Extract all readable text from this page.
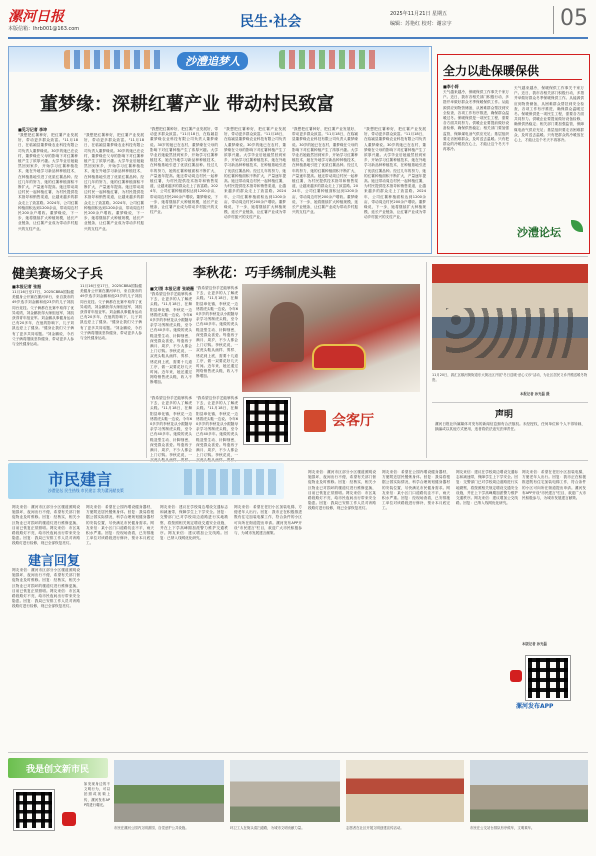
漯河日报
本版信箱：lhrb001@163.com	民生·社会	2025年11月21日 星期五
编辑：苏艳红 校对：谢宗宇	05
沙澧追梦人
董梦缘：深耕红薯产业 带动村民致富
■见习记者 李坤
"我想把红薯种好，把红薯产业发展好，带动更多群众致富。"11月18日，在临颍县董梦缘农业科技有限公司负责人董梦缘说。30岁的她已在农村，董梦缘在父母的影响下对红薯种植产生了浓厚兴趣。大学毕业后她毅然回到家乡，开始学习红薯种植技术，她在外地学习新品种种植技术，在种植基地引进了优质红薯品种。经过几年的努力，她的红薯种植面积不断扩大，产量逐年提高。她还带动周边村民一起种植红薯，为村民提供技术指导和销售渠道，让越来越多的群众走上了致富路。2024年，公司红薯种植面积达到1200余亩，带动周边村民200余户增收。董梦缘说，下一步，她将继续扩大种植规模，延长产业链条，让红薯产业成为带动乡村振兴的支柱产业。
"我想把红薯种好，把红薯产业发展好，带动更多群众致富。"11月18日，在临颍县董梦缘农业科技有限公司负责人董梦缘说。30岁的她已在农村，董梦缘在父母的影响下对红薯种植产生了浓厚兴趣。大学毕业后她毅然回到家乡，开始学习红薯种植技术，她在外地学习新品种种植技术，在种植基地引进了优质红薯品种。经过几年的努力，她的红薯种植面积不断扩大，产量逐年提高。她还带动周边村民一起种植红薯，为村民提供技术指导和销售渠道，让越来越多的群众走上了致富路。2024年，公司红薯种植面积达到1200余亩，带动周边村民200余户增收。董梦缘说，下一步，她将继续扩大种植规模，延长产业链条，让红薯产业成为带动乡村振兴的支柱产业。
"我想把红薯种好，把红薯产业发展好，带动更多群众致富。"11月18日，在临颍县董梦缘农业科技有限公司负责人董梦缘说。30岁的她已在农村，董梦缘在父母的影响下对红薯种植产生了浓厚兴趣。大学毕业后她毅然回到家乡，开始学习红薯种植技术，她在外地学习新品种种植技术，在种植基地引进了优质红薯品种。经过几年的努力，她的红薯种植面积不断扩大，产量逐年提高。她还带动周边村民一起种植红薯，为村民提供技术指导和销售渠道，让越来越多的群众走上了致富路。2024年，公司红薯种植面积达到1200余亩，带动周边村民200余户增收。董梦缘说，下一步，她将继续扩大种植规模，延长产业链条，让红薯产业成为带动乡村振兴的支柱产业。
"我想把红薯种好，把红薯产业发展好，带动更多群众致富。"11月18日，在临颍县董梦缘农业科技有限公司负责人董梦缘说。30岁的她已在农村，董梦缘在父母的影响下对红薯种植产生了浓厚兴趣。大学毕业后她毅然回到家乡，开始学习红薯种植技术，她在外地学习新品种种植技术，在种植基地引进了优质红薯品种。经过几年的努力，她的红薯种植面积不断扩大，产量逐年提高。她还带动周边村民一起种植红薯，为村民提供技术指导和销售渠道，让越来越多的群众走上了致富路。2024年，公司红薯种植面积达到1200余亩，带动周边村民200余户增收。董梦缘说，下一步，她将继续扩大种植规模，延长产业链条，让红薯产业成为带动乡村振兴的支柱产业。
"我想把红薯种好，把红薯产业发展好，带动更多群众致富。"11月18日，在临颍县董梦缘农业科技有限公司负责人董梦缘说。30岁的她已在农村，董梦缘在父母的影响下对红薯种植产生了浓厚兴趣。大学毕业后她毅然回到家乡，开始学习红薯种植技术，她在外地学习新品种种植技术，在种植基地引进了优质红薯品种。经过几年的努力，她的红薯种植面积不断扩大，产量逐年提高。她还带动周边村民一起种植红薯，为村民提供技术指导和销售渠道，让越来越多的群众走上了致富路。2024年，公司红薯种植面积达到1200余亩，带动周边村民200余户增收。董梦缘说，下一步，她将继续扩大种植规模，延长产业链条，让红薯产业成为带动乡村振兴的支柱产业。
"我想把红薯种好，把红薯产业发展好，带动更多群众致富。"11月18日，在临颍县董梦缘农业科技有限公司负责人董梦缘说。30岁的她已在农村，董梦缘在父母的影响下对红薯种植产生了浓厚兴趣。大学毕业后她毅然回到家乡，开始学习红薯种植技术，她在外地学习新品种种植技术，在种植基地引进了优质红薯品种。经过几年的努力，她的红薯种植面积不断扩大，产量逐年提高。她还带动周边村民一起种植红薯，为村民提供技术指导和销售渠道，让越来越多的群众走上了致富路。2024年，公司红薯种植面积达到1200余亩，带动周边村民200余户增收。董梦缘说，下一步，她将继续扩大种植规模，延长产业链条，让红薯产业成为带动乡村振兴的支柱产业。
全力以赴保暖保供
■李小将
天气越来越冷，保暖保供工作事关千家万户。近日，我市各相关部门积极行动，多措并举做好群众冬季保暖保供工作。从能源供应到物资储备，从困难群众帮扶到安全检查，各项工作有序推进，确保群众温暖过冬。保暖保供是一项民生工程，需要各方面共同努力。供暖企业要提前做好设备检修，确保供热稳定；相关部门要加强监管，保障煤电油气供应充足；基层组织要走访困难群众，及时送去温暖。只有把群众的冷暖放在心上，才能让这个冬天不再寒冷。
天气越来越冷，保暖保供工作事关千家万户。近日，我市各相关部门积极行动，多措并举做好群众冬季保暖保供工作。从能源供应到物资储备，从困难群众帮扶到安全检查，各项工作有序推进，确保群众温暖过冬。保暖保供是一项民生工程，需要各方面共同努力。供暖企业要提前做好设备检修，确保供热稳定；相关部门要加强监管，保障煤电油气供应充足；基层组织要走访困难群众，及时送去温暖。只有把群众的冷暖放在心上，才能让这个冬天不再寒冷。
沙澧论坛
健美赛场父子兵
■本报记者 张振
11月16日至17日，2025CBBA国际健美健身公开赛在漯河举行，来自我市的49岁选手刘金鹏和他23岁的儿子刘凯同台竞技。父子俩都在比赛中取得了优异成绩，刘金鹏获得大师组冠军，刘凯获得青年组亚军。刘金鹏从事健身运动已有20多年，在他的影响下，儿子刘凯也爱上了健身。"健身让我们父子俩有了更多共同话题。"刘金鹏说，今后父子俩将继续坚持健身，带动更多人参与全民健身运动。
11月16日至17日，2025CBBA国际健美健身公开赛在漯河举行，来自我市的49岁选手刘金鹏和他23岁的儿子刘凯同台竞技。父子俩都在比赛中取得了优异成绩，刘金鹏获得大师组冠军，刘凯获得青年组亚军。刘金鹏从事健身运动已有20多年，在他的影响下，儿子刘凯也爱上了健身。"健身让我们父子俩有了更多共同话题。"刘金鹏说，今后父子俩将继续坚持健身，带动更多人参与全民健身运动。
李秋花：巧手绣制虎头鞋
■文/图 本报记者 张晓薇
"我希望这份手艺能够传承下去，让更多的人了解虎头鞋。"11月18日，在舞阳县章化镇，李秋花一边绣着虎头鞋一边说。今年60多岁的李秋花从小跟随母亲学习绣制虎头鞋，至今已有40多年。她做的虎头鞋造型生动、针脚细密，深受群众喜爱。每逢孩子满月、周岁，不少人都会上门订购。李秋花说，一双虎头鞋从画样、剪样、绣花到上底，需要十几道工序，做一双要花好几天时间。近年来，她还通过网络销售虎头鞋，收入不断增加。
"我希望这份手艺能够传承下去，让更多的人了解虎头鞋。"11月18日，在舞阳县章化镇，李秋花一边绣着虎头鞋一边说。今年60多岁的李秋花从小跟随母亲学习绣制虎头鞋，至今已有40多年。她做的虎头鞋造型生动、针脚细密，深受群众喜爱。每逢孩子满月、周岁，不少人都会上门订购。李秋花说，一双虎头鞋从画样、剪样、绣花到上底，需要十几道工序，做一双要花好几天时间。近年来，她还通过网络销售虎头鞋，收入不断增加。
"我希望这份手艺能够传承下去，让更多的人了解虎头鞋。"11月18日，在舞阳县章化镇，李秋花一边绣着虎头鞋一边说。今年60多岁的李秋花从小跟随母亲学习绣制虎头鞋，至今已有40多年。她做的虎头鞋造型生动、针脚细密，深受群众喜爱。每逢孩子满月、周岁，不少人都会上门订购。李秋花说，一
"我希望这份手艺能够传承下去，让更多的人了解虎头鞋。"11月18日，在舞阳县章化镇，李秋花一边绣着虎头鞋一边说。今年60多岁的李秋花从小跟随母亲学习绣制虎头鞋，至今已有40多年。她做的虎头鞋造型生动、针脚细密，深受群众喜爱。每逢孩子满月、周岁，不少人都会上门订购。李秋花说，一
会客厅
11月20日，源汇区顺河街街道东大街社区开展"冬日送暖·爱心义诊"活动，为社区居民义诊并赠送暖冬物资。
本报记者 孙光磊 摄
声明
漯河日报社所属媒体对发布的新闻信息拥有合法版权。未经授权，任何单位和个人不得转载、摘编或以其他方式使用，违者将依法追究法律责任。
市民建言
沙澧论坛 民生热线 市民建言 我为漯河献良策
建言回复
网友来信：漯河市区部分小区楼道照明设施损坏，夜间出行不便，希望有关部门督促物业及时维修。回复：经核实，相关小区物业已对损坏的楼道灯进行维修更换，目前已恢复正常照明。网友来信：市区某路段路灯不亮，给市民夜间出行带来安全隐患。回复：我局已安排工作人员对该路段路灯进行检修，现已全部恢复亮灯。
网友来信：漯河市区部分小区楼道照明设施损坏，夜间出行不便，希望有关部门督促物业及时维修。回复：经核实，相关小区物业已对损坏的楼道灯进行维修更换，目前已恢复正常照明。网友来信：市区某路段路灯不亮，给市民夜间出行带来安全隐患。回复：我局已安排工作人员对该路段路灯进行检修，现已全部恢复亮灯。
网友来信：希望在公园内增设健身器材，方便附近居民锻炼身体。回复：我局将根据公园实际情况，科学合理规划健身器材的安装位置，尽快满足市民健身需求。网友来信：某小区门口道路坑洼不平，雨天积水严重。回复：经现场查看，已安排施工单位对该路段进行修补，预计本月底完工。
网友来信：建议在学校周边增设交通标志和减速带，保障学生上下学安全。回复：交警部门已对学校周边道路进行实地勘察，将按照相关规定增设交通安全设施，并在上下学高峰期加派警力维护交通秩序。网友来信：建议增加公交线路。回复：已纳入线网优化研究。
网友来信：希望在老旧小区加装电梯，方便老年人出行。回复：我市正在积极推进既有住宅加装电梯工作，符合条件的小区可向所在街道提出申请。漯河发布APP开设"市民建言"栏目，欢迎广大市民积极参与，为城市发展建言献策。
网友来信：漯河市区部分小区楼道照明设施损坏，夜间出行不便，希望有关部门督促物业及时维修。回复：经核实，相关小区物业已对损坏的楼道灯进行维修更换，目前已恢复正常照明。网友来信：市区某路段路灯不亮，给市民夜间出行带来安全隐患。回复：我局已安排工作人员对该路段路灯进行检修，现已全部恢复亮灯。
网友来信：希望在公园内增设健身器材，方便附近居民锻炼身体。回复：我局将根据公园实际情况，科学合理规划健身器材的安装位置，尽快满足市民健身需求。网友来信：某小区门口道路坑洼不平，雨天积水严重。回复：经现场查看，已安排施工单位对该路段进行修补，预计本月底完工。
网友来信：建议在学校周边增设交通标志和减速带，保障学生上下学安全。回复：交警部门已对学校周边道路进行实地勘察，将按照相关规定增设交通安全设施，并在上下学高峰期加派警力维护交通秩序。网友来信：建议增加公交线路。回复：已纳入线网优化研究。
网友来信：希望在老旧小区加装电梯，方便老年人出行。回复：我市正在积极推进既有住宅加装电梯工作，符合条件的小区可向所在街道提出申请。漯河发布APP开设"市民建言"栏目，欢迎广大市民积极参与，为城市发展建言献策。
本版记者 孙光磊
漯河发布APP
我是创文新市民
如发现身边的不文明行为，可以拍照或视频上传，漯河发布APP将进行曝光。
市民在漯河公园内文明游园，自觉爱护公共设施。	环卫工人在街头清扫道路，为城市文明贡献力量。	志愿者在社区开展文明创建宣传活动。	市民在公交站台排队有序候车，文明乘车。
